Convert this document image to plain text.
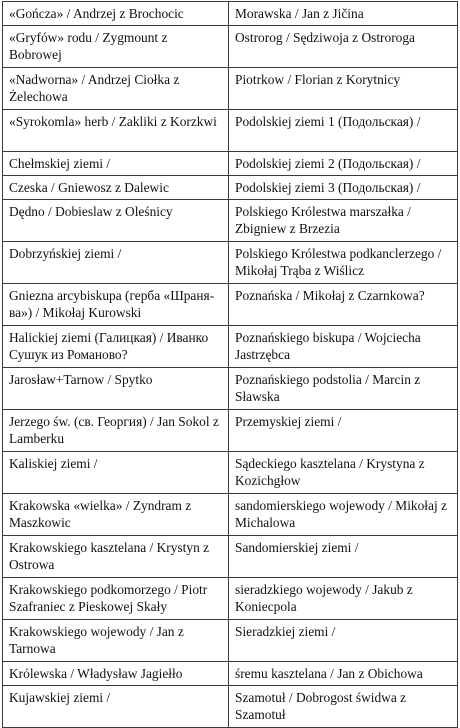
«Gończa» / Andrzej z Brochocic	Morawska / Jan z Jičina
«Gryfów» rodu / Zygmount z Bobrowej	Ostrorog / Sędziwoja z Ostroroga
«Nadworna» / Andrzej Ciołka z Żelechowa	Piotrkow / Florian z Korytnicy
«Syrokomla» herb / Zakliki z Korzkwi	Podolskiej ziemi 1 (Подольская) /
Chełmskiej ziemi /	Podolskiej ziemi 2 (Подольская) /
Czeska / Gniewosz z Dalewic	Podolskiej ziemi 3 (Подольская) /
Dędno / Dobieslaw z Oleśnicy	Polskiego Królestwa marszałka / Zbigniew z Brzezia
Dobrzyńskiej ziemi /	Polskiego Królestwa podkanclerzego / Mikołaj Trąba z Wiślicz
Gniezna arcybiskupa (герба «Шраня-ва») / Mikołaj Kurowski	Poznańska / Mikołaj z Czarnkowa?
Halickiej ziemi (Галицкая) / Иванко Сушук из Романово?	Poznańskiego biskupa / Wojciecha Jastrzębca
Jarosław+Tarnow / Spytko	Poznańskiego podstolia / Marcin z Sławska
Jerzego św. (св. Георгия) / Jan Sokol z Lamberku	Przemyskiej ziemi /
Kaliskiej ziemi /	Sądeckiego kasztelana / Krystyna z Kozichgłow
Krakowska «wielka» / Zyndram z Maszkowic	sandomierskiego wojewody / Mikołaj z Michalowa
Krakowskiego kasztelana / Krystyn z Ostrowa	Sandomierskiej ziemi /
Krakowskiego podkomorzego / Piotr Szafraniec z Pieskowej Skały	sieradzkiego wojewody / Jakub z Koniecpola
Krakowskiego wojewody / Jan z Tarnowa	Sieradzkiej ziemi /
Królewska / Władysław Jagiełło	śremu kasztelana / Jan z Obichowa
Kujawskiej ziemi /	Szamotuł / Dobrogost świdwa z Szamotuł
